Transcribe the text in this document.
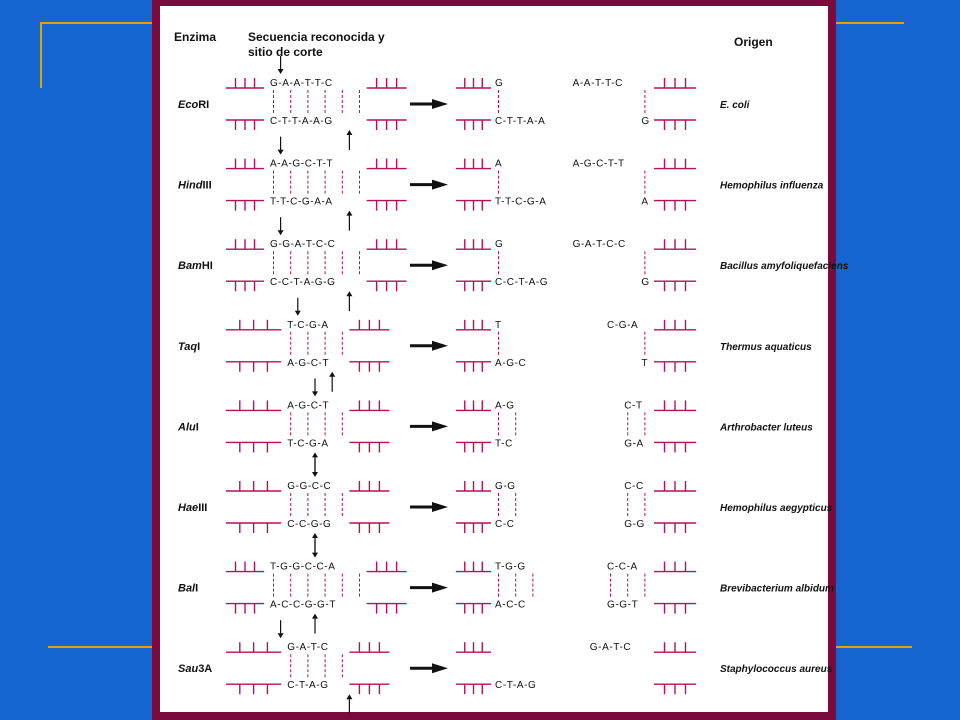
Enzima	Secuencia reconocida y
sitio de corte
Origen
EcoRI
G-A-A-T-T-C
C-T-T-A-A-G
G
C-T-T-A-A
A-A-T-T-C
G
E. coli
HindIII
A-A-G-C-T-T
T-T-C-G-A-A
A
T-T-C-G-A
A-G-C-T-T
A
Hemophilus influenza
BamHI
G-G-A-T-C-C
C-C-T-A-G-G
G
C-C-T-A-G
G-A-T-C-C
G
Bacillus amyfoliquefaciens
TaqI
T-C-G-A
A-G-C-T
T
A-G-C
C-G-A
T
Thermus aquaticus
AluI
A-G-C-T
T-C-G-A
A-G
T-C
C-T
G-A
Arthrobacter luteus
HaeIII
G-G-C-C
C-C-G-G
G-G
C-C
C-C
G-G
Hemophilus aegypticus
BalI
T-G-G-C-C-A
A-C-C-G-G-T
T-G-G
A-C-C
C-C-A
G-G-T
Brevibacterium albidum
Sau3A
G-A-T-C
C-T-A-G	C-T-A-G
G-A-T-C
Staphylococcus aureus
